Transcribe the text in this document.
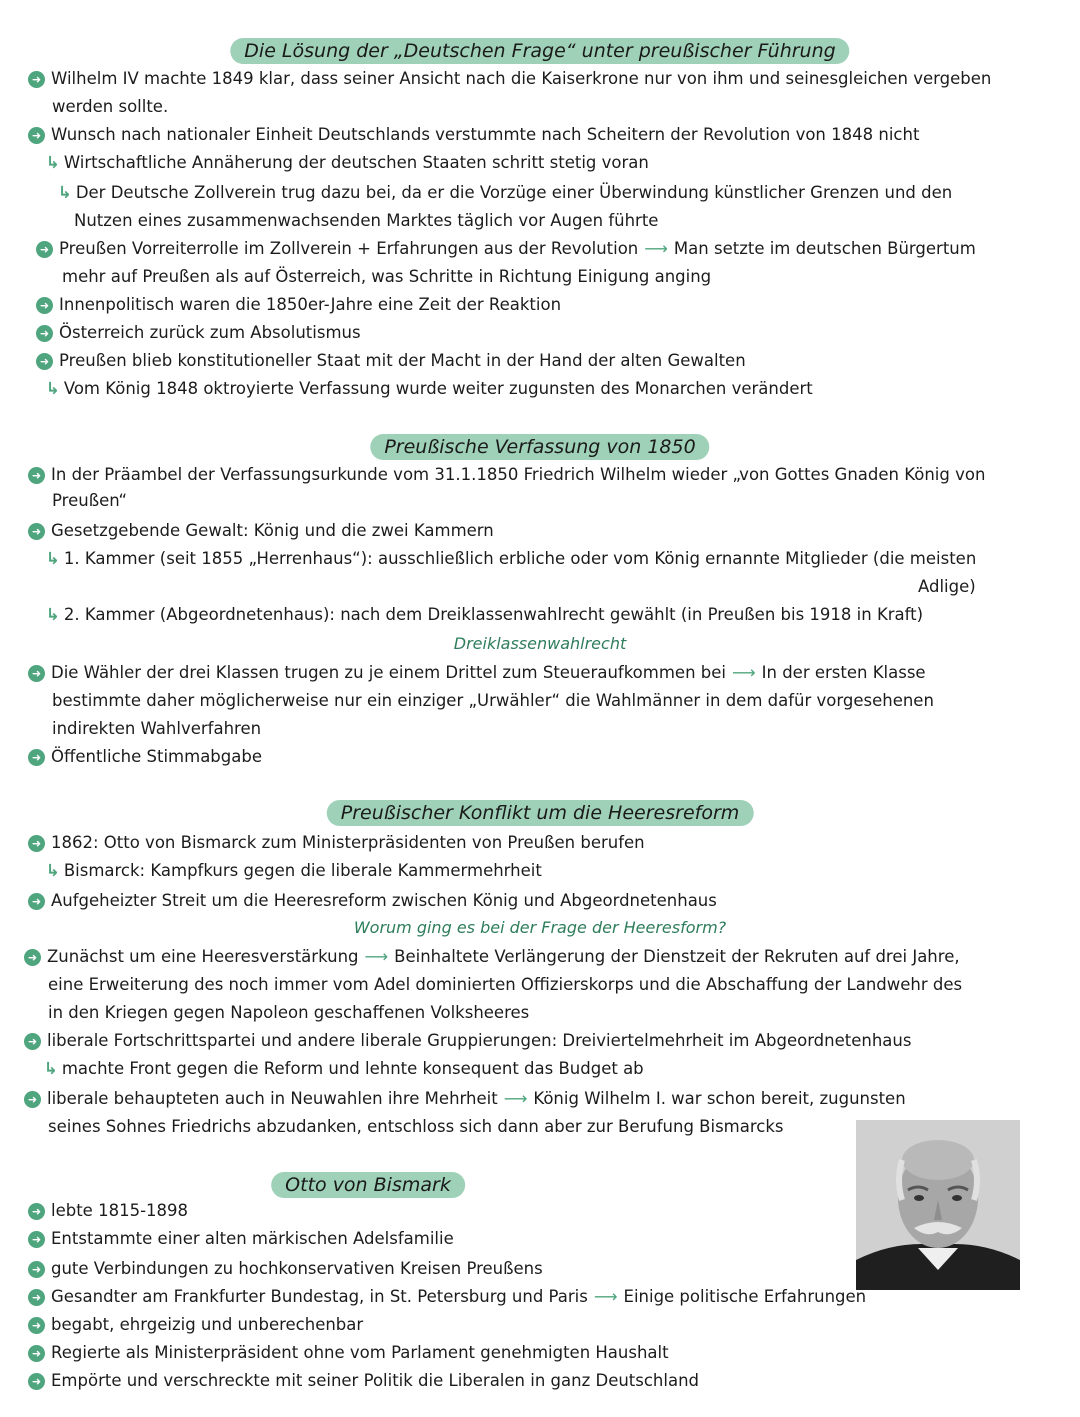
Die Lösung der „Deutschen Frage“ unter preußischer Führung
➜ Wilhelm IV machte 1849 klar, dass seiner Ansicht nach die Kaiserkrone nur von ihm und seinesgleichen vergeben
werden sollte.
➜ Wunsch nach nationaler Einheit Deutschlands verstummte nach Scheitern der Revolution von 1848 nicht
↳ Wirtschaftliche Annäherung der deutschen Staaten schritt stetig voran
↳ Der Deutsche Zollverein trug dazu bei, da er die Vorzüge einer Überwindung künstlicher Grenzen und den
Nutzen eines zusammenwachsenden Marktes täglich vor Augen führte
➜ Preußen Vorreiterrolle im Zollverein + Erfahrungen aus der Revolution ⟶ Man setzte im deutschen Bürgertum
mehr auf Preußen als auf Österreich, was Schritte in Richtung Einigung anging
➜ Innenpolitisch waren die 1850er-Jahre eine Zeit der Reaktion
➜ Österreich zurück zum Absolutismus
➜ Preußen blieb konstitutioneller Staat mit der Macht in der Hand der alten Gewalten
↳ Vom König 1848 oktroyierte Verfassung wurde weiter zugunsten des Monarchen verändert
Preußische Verfassung von 1850
➜ In der Präambel der Verfassungsurkunde vom 31.1.1850 Friedrich Wilhelm wieder „von Gottes Gnaden König von
Preußen“
➜ Gesetzgebende Gewalt: König und die zwei Kammern
↳ 1. Kammer (seit 1855 „Herrenhaus“): ausschließlich erbliche oder vom König ernannte Mitglieder (die meisten
Adlige)
↳ 2. Kammer (Abgeordnetenhaus): nach dem Dreiklassenwahlrecht gewählt (in Preußen bis 1918 in Kraft)
Dreiklassenwahlrecht
➜ Die Wähler der drei Klassen trugen zu je einem Drittel zum Steueraufkommen bei ⟶ In der ersten Klasse
bestimmte daher möglicherweise nur ein einziger „Urwähler“ die Wahlmänner in dem dafür vorgesehenen
indirekten Wahlverfahren
➜ Öffentliche Stimmabgabe
Preußischer Konflikt um die Heeresreform
➜ 1862: Otto von Bismarck zum Ministerpräsidenten von Preußen berufen
↳ Bismarck: Kampfkurs gegen die liberale Kammermehrheit
➜ Aufgeheizter Streit um die Heeresreform zwischen König und Abgeordnetenhaus
Worum ging es bei der Frage der Heeresform?
➜ Zunächst um eine Heeresverstärkung ⟶ Beinhaltete Verlängerung der Dienstzeit der Rekruten auf drei Jahre,
eine Erweiterung des noch immer vom Adel dominierten Offizierskorps und die Abschaffung der Landwehr des
in den Kriegen gegen Napoleon geschaffenen Volksheeres
➜ liberale Fortschrittspartei und andere liberale Gruppierungen: Dreiviertelmehrheit im Abgeordnetenhaus
↳ machte Front gegen die Reform und lehnte konsequent das Budget ab
➜ liberale behaupteten auch in Neuwahlen ihre Mehrheit ⟶ König Wilhelm I. war schon bereit, zugunsten
seines Sohnes Friedrichs abzudanken, entschloss sich dann aber zur Berufung Bismarcks
Otto von Bismark
➜ lebte 1815-1898
➜ Entstammte einer alten märkischen Adelsfamilie
➜ gute Verbindungen zu hochkonservativen Kreisen Preußens
➜ Gesandter am Frankfurter Bundestag, in St. Petersburg und Paris ⟶ Einige politische Erfahrungen
➜ begabt, ehrgeizig und unberechenbar
➜ Regierte als Ministerpräsident ohne vom Parlament genehmigten Haushalt
➜ Empörte und verschreckte mit seiner Politik die Liberalen in ganz Deutschland
